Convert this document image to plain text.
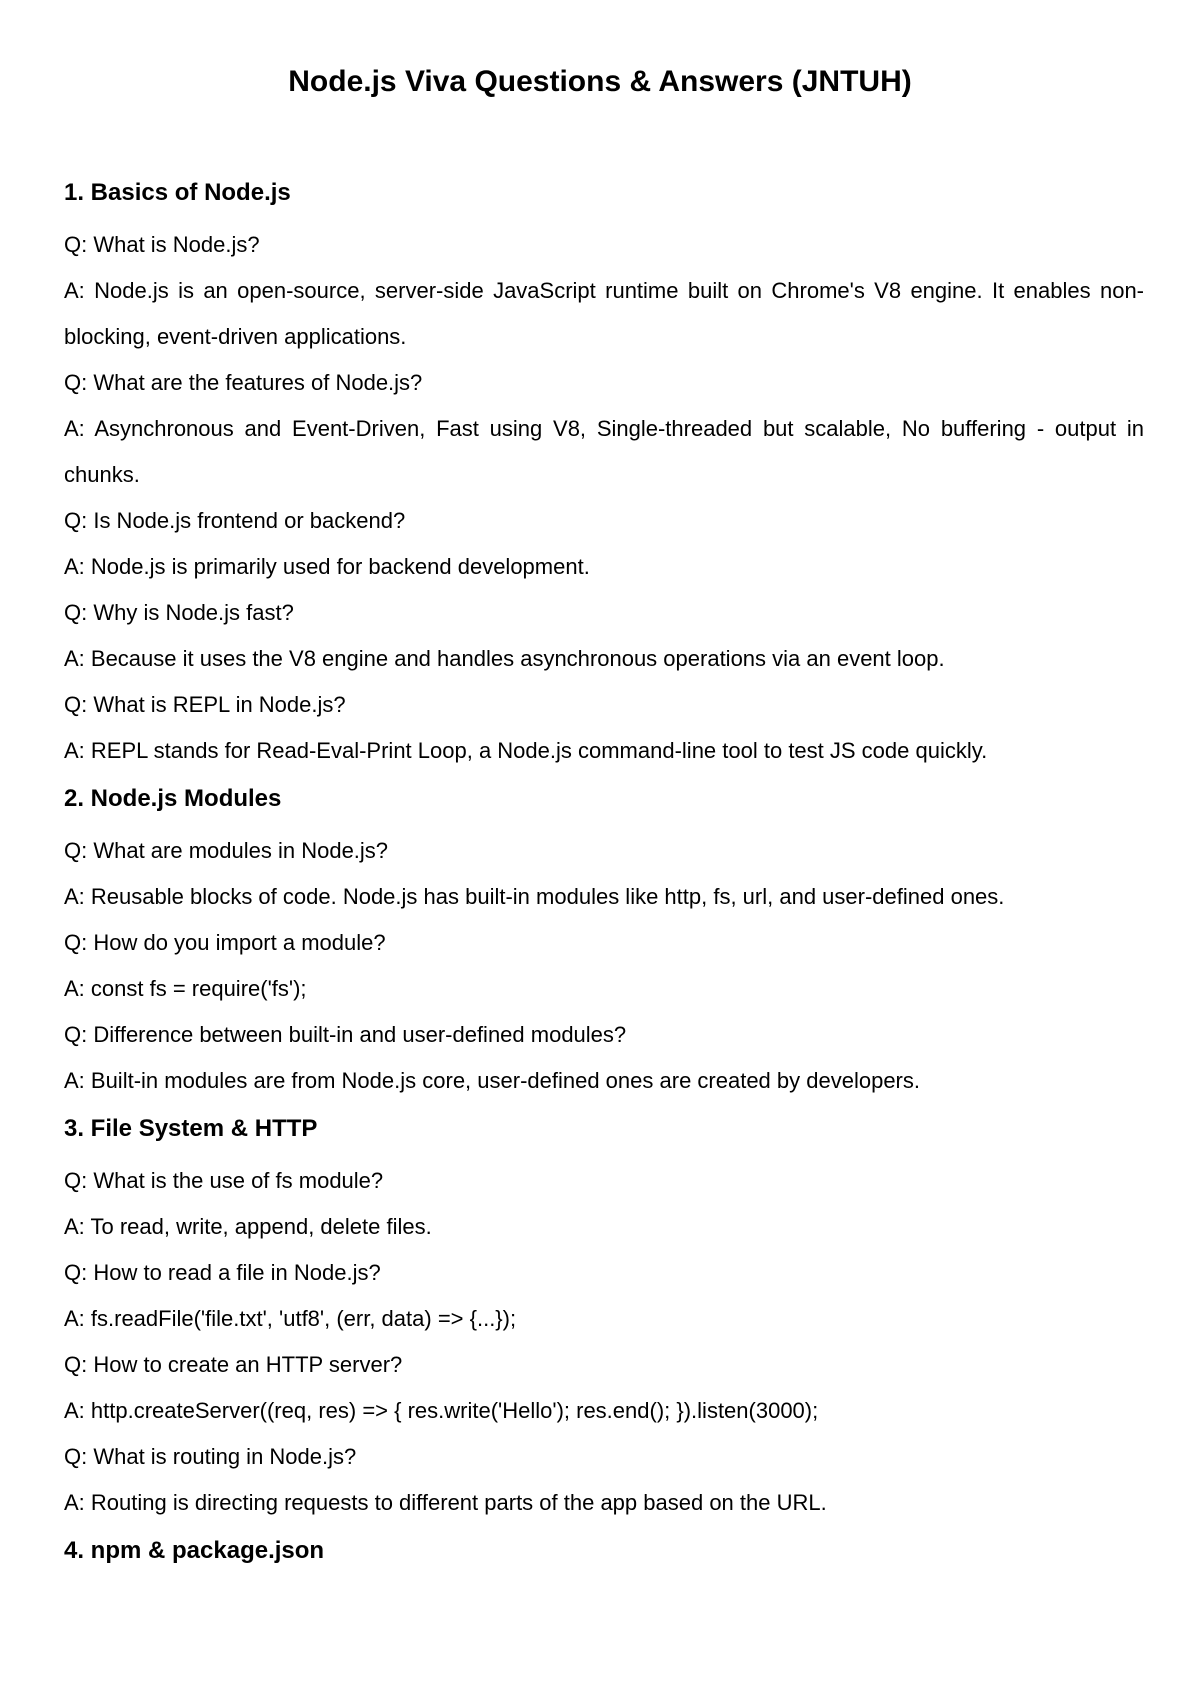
Node.js Viva Questions & Answers (JNTUH)
1. Basics of Node.js

Q: What is Node.js?

A: Node.js is an open-source, server-side JavaScript runtime built on Chrome's V8 engine. It enables non-blocking, event-driven applications.

Q: What are the features of Node.js?

A: Asynchronous and Event-Driven, Fast using V8, Single-threaded but scalable, No buffering - output in chunks.

Q: Is Node.js frontend or backend?

A: Node.js is primarily used for backend development.

Q: Why is Node.js fast?

A: Because it uses the V8 engine and handles asynchronous operations via an event loop.

Q: What is REPL in Node.js?

A: REPL stands for Read-Eval-Print Loop, a Node.js command-line tool to test JS code quickly.

2. Node.js Modules

Q: What are modules in Node.js?

A: Reusable blocks of code. Node.js has built-in modules like http, fs, url, and user-defined ones.

Q: How do you import a module?

A: const fs = require('fs');

Q: Difference between built-in and user-defined modules?

A: Built-in modules are from Node.js core, user-defined ones are created by developers.

3. File System & HTTP

Q: What is the use of fs module?

A: To read, write, append, delete files.

Q: How to read a file in Node.js?

A: fs.readFile('file.txt', 'utf8', (err, data) => {...});

Q: How to create an HTTP server?

A: http.createServer((req, res) => { res.write('Hello'); res.end(); }).listen(3000);

Q: What is routing in Node.js?

A: Routing is directing requests to different parts of the app based on the URL.

4. npm & package.json
